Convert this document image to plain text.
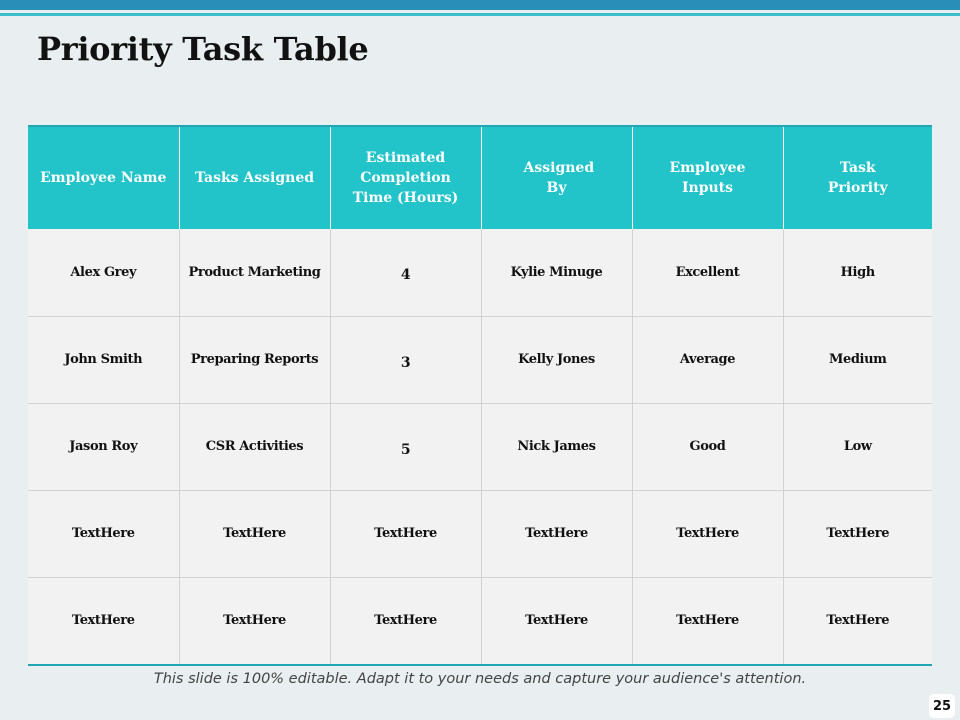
Priority Task Table
Employee Name	Tasks Assigned	Estimated Completion Time (Hours)	Assigned By	Employee Inputs	Task Priority
Alex Grey	Product Marketing	4	Kylie Minuge	Excellent	High
John Smith	Preparing Reports	3	Kelly Jones	Average	Medium
Jason Roy	CSR Activities	5	Nick James	Good	Low
TextHere	TextHere	TextHere	TextHere	TextHere	TextHere
TextHere	TextHere	TextHere	TextHere	TextHere	TextHere
This slide is 100% editable. Adapt it to your needs and capture your audience's attention.
25
